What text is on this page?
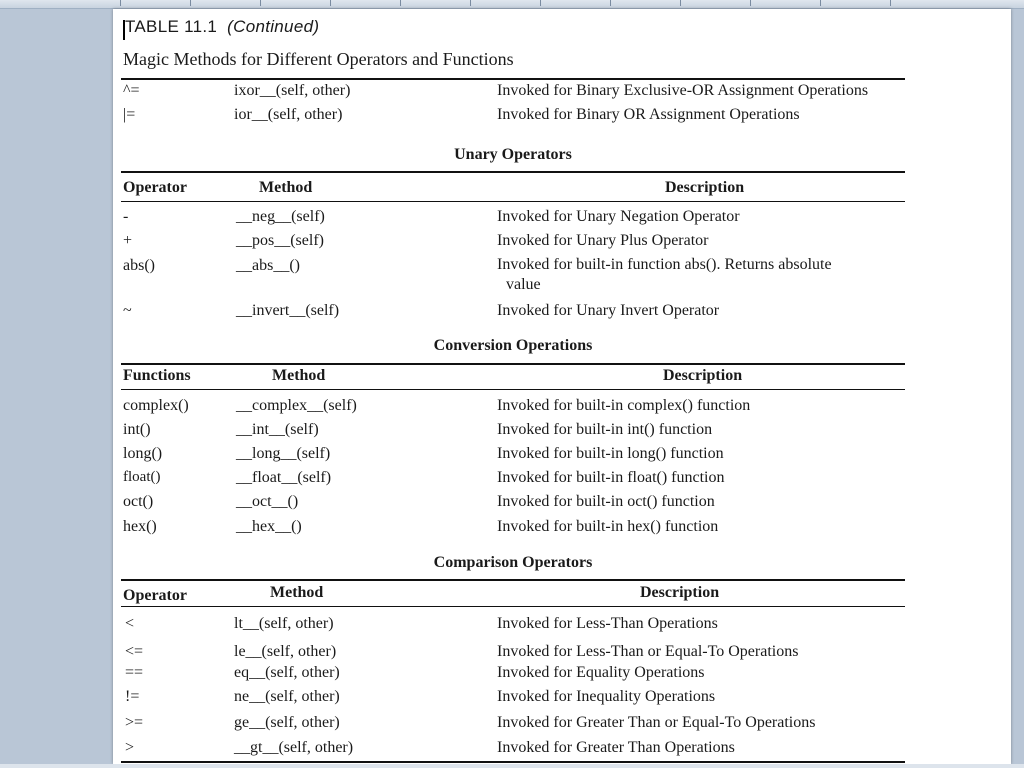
TABLE 11.1 (Continued)
Magic Methods for Different Operators and Functions
^=	ixor__(self, other)	Invoked for Binary Exclusive-OR Assignment Operations
|=	ior__(self, other)	Invoked for Binary OR Assignment Operations
Unary Operators
Operator	Method	Description
-	__neg__(self)	Invoked for Unary Negation Operator
+	__pos__(self)	Invoked for Unary Plus Operator
abs()	__abs__()	Invoked for built-in function abs(). Returns absolute
value
~	__invert__(self)	Invoked for Unary Invert Operator
Conversion Operations
Functions	Method	Description
complex()	__complex__(self)	Invoked for built-in complex() function
int()	__int__(self)	Invoked for built-in int() function
long()	__long__(self)	Invoked for built-in long() function
float()	__float__(self)	Invoked for built-in float() function
oct()	__oct__()	Invoked for built-in oct() function
hex()	__hex__()	Invoked for built-in hex() function
Comparison Operators
Operator	Method	Description
<	lt__(self, other)	Invoked for Less-Than Operations
<=	le__(self, other)	Invoked for Less-Than or Equal-To Operations
==	eq__(self, other)	Invoked for Equality Operations
!=	ne__(self, other)	Invoked for Inequality Operations
>=	ge__(self, other)	Invoked for Greater Than or Equal-To Operations
>	__gt__(self, other)	Invoked for Greater Than Operations
